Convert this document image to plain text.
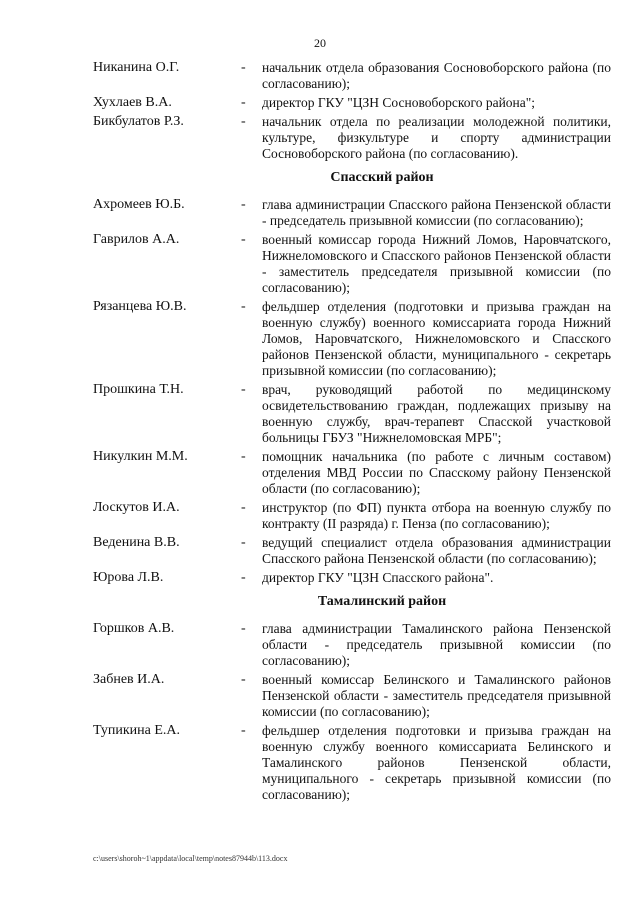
20
Никанина О.Г.	-	начальник отдела образования Сосновоборского района (по согласованию);
Хухлаев В.А.	-	директор ГКУ "ЦЗН Сосновоборского района";
Бикбулатов Р.З.	-	начальник отдела по реализации молодежной политики, культуре, физкультуре и спорту администрации Сосновоборского района (по согласованию).
Спасский район
Ахромеев Ю.Б.	-	глава администрации Спасского района Пензенской области - председатель призывной комиссии (по согласованию);
Гаврилов А.А.	-	военный комиссар города Нижний Ломов, Наровчатского, Нижнеломовского и Спасского районов Пензенской области - заместитель председателя призывной комиссии (по согласованию);
Рязанцева Ю.В.	-	фельдшер отделения (подготовки и призыва граждан на военную службу) военного комиссариата города Нижний Ломов, Наровчатского, Нижнеломовского и Спасского районов Пензенской области, муниципального - секретарь призывной комиссии (по согласованию);
Прошкина Т.Н.	-	врач, руководящий работой по медицинскому освидетельствованию граждан, подлежащих призыву на военную службу, врач-терапевт Спасской участковой больницы ГБУЗ "Нижнеломовская МРБ";
Никулкин М.М.	-	помощник начальника (по работе с личным составом) отделения МВД России по Спасскому району Пензенской области (по согласованию);
Лоскутов И.А.	-	инструктор (по ФП) пункта отбора на военную службу по контракту (II разряда) г. Пенза (по согласованию);
Веденина В.В.	-	ведущий специалист отдела образования администрации Спасского района Пензенской области (по согласованию);
Юрова Л.В.	-	директор ГКУ "ЦЗН Спасского района".
Тамалинский район
Горшков А.В.	-	глава администрации Тамалинского района Пензенской области - председатель призывной комиссии (по согласованию);
Забнев И.А.	-	военный комиссар Белинского и Тамалинского районов Пензенской области - заместитель председателя призывной комиссии (по согласованию);
Тупикина Е.А.	-	фельдшер отделения подготовки и призыва граждан на военную службу военного комиссариата Белинского и Тамалинского районов Пензенской области, муниципального - секретарь призывной комиссии (по согласованию);
c:\users\shoroh~1\appdata\local\temp\notes87944b\113.docx
